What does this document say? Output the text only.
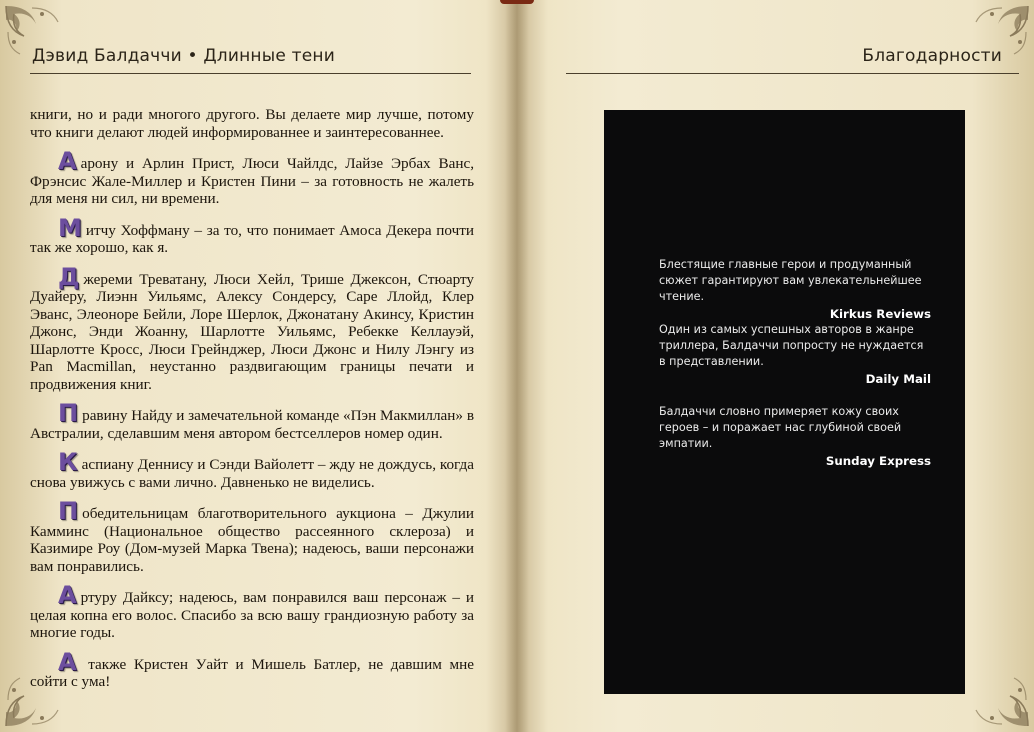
Дэвид Балдаччи • Длинные тени

книги, но и ради многого другого. Вы делаете мир лучше, потому что книги делают людей информированнее и заинтересованнее.

Аарону и Арлин Прист, Люси Чайлдс, Лайзе Эрбах Ванс, Фрэнсис Жале-Миллер и Кристен Пини – за готовность не жалеть для меня ни сил, ни времени.

Митчу Хоффману – за то, что понимает Амоса Декера почти так же хорошо, как я.

Джереми Треватану, Люси Хейл, Трише Джексон, Стюарту Дуайеру, Лиэнн Уильямс, Алексу Сондерсу, Саре Ллойд, Клер Эванс, Элеоноре Бейли, Лоре Шерлок, Джонатану Акинсу, Кристин Джонс, Энди Жоанну, Шарлотте Уильямс, Ребекке Келлауэй, Шарлотте Кросс, Люси Грейнджер, Люси Джонс и Нилу Лэнгу из Pan Macmillan, неустанно раздвигающим границы печати и продвижения книг.

Правину Найду и замечательной команде «Пэн Макмиллан» в Австралии, сделавшим меня автором бестселлеров номер один.

Каспиану Деннису и Сэнди Вайолетт – жду не дождусь, когда снова увижусь с вами лично. Давненько не виделись.

Победительницам благотворительного аукциона – Джулии Камминс (Национальное общество рассеянного склероза) и Казимире Роу (Дом-музей Марка Твена); надеюсь, ваши персонажи вам понравились.

Артуру Дайксу; надеюсь, вам понравился ваш персонаж – и целая копна его волос. Спасибо за всю вашу грандиозную работу за многие годы.

А также Кристен Уайт и Мишель Батлер, не давшим мне сойти с ума!

Благодарности
Блестящие главные герои и продуманный сюжет гарантируют вам увлекательнейшее чтение.
Kirkus Reviews
Один из самых успешных авторов в жанре триллера, Балдаччи попросту не нуждается в представлении.
Daily Mail
Балдаччи словно примеряет кожу своих героев – и поражает нас глубиной своей эмпатии.
Sunday Express
